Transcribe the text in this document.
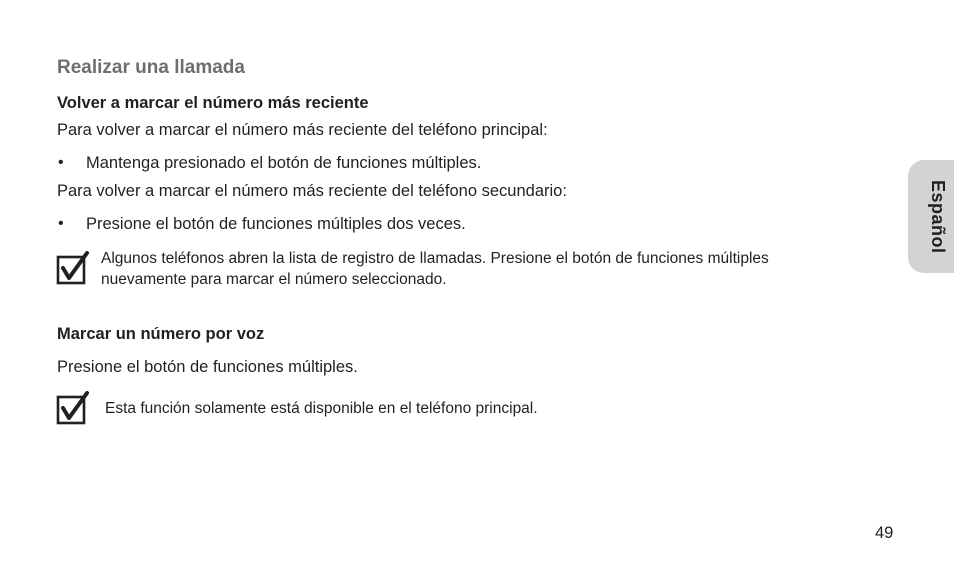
Realizar una llamada
Volver a marcar el número más reciente
Para volver a marcar el número más reciente del teléfono principal:
• Mantenga presionado el botón de funciones múltiples.
Para volver a marcar el número más reciente del teléfono secundario:
• Presione el botón de funciones múltiples dos veces.
Algunos teléfonos abren la lista de registro de llamadas. Presione el botón de funciones múltiples
nuevamente para marcar el número seleccionado.
Marcar un número por voz
Presione el botón de funciones múltiples.
Esta función solamente está disponible en el teléfono principal.
Español
49
